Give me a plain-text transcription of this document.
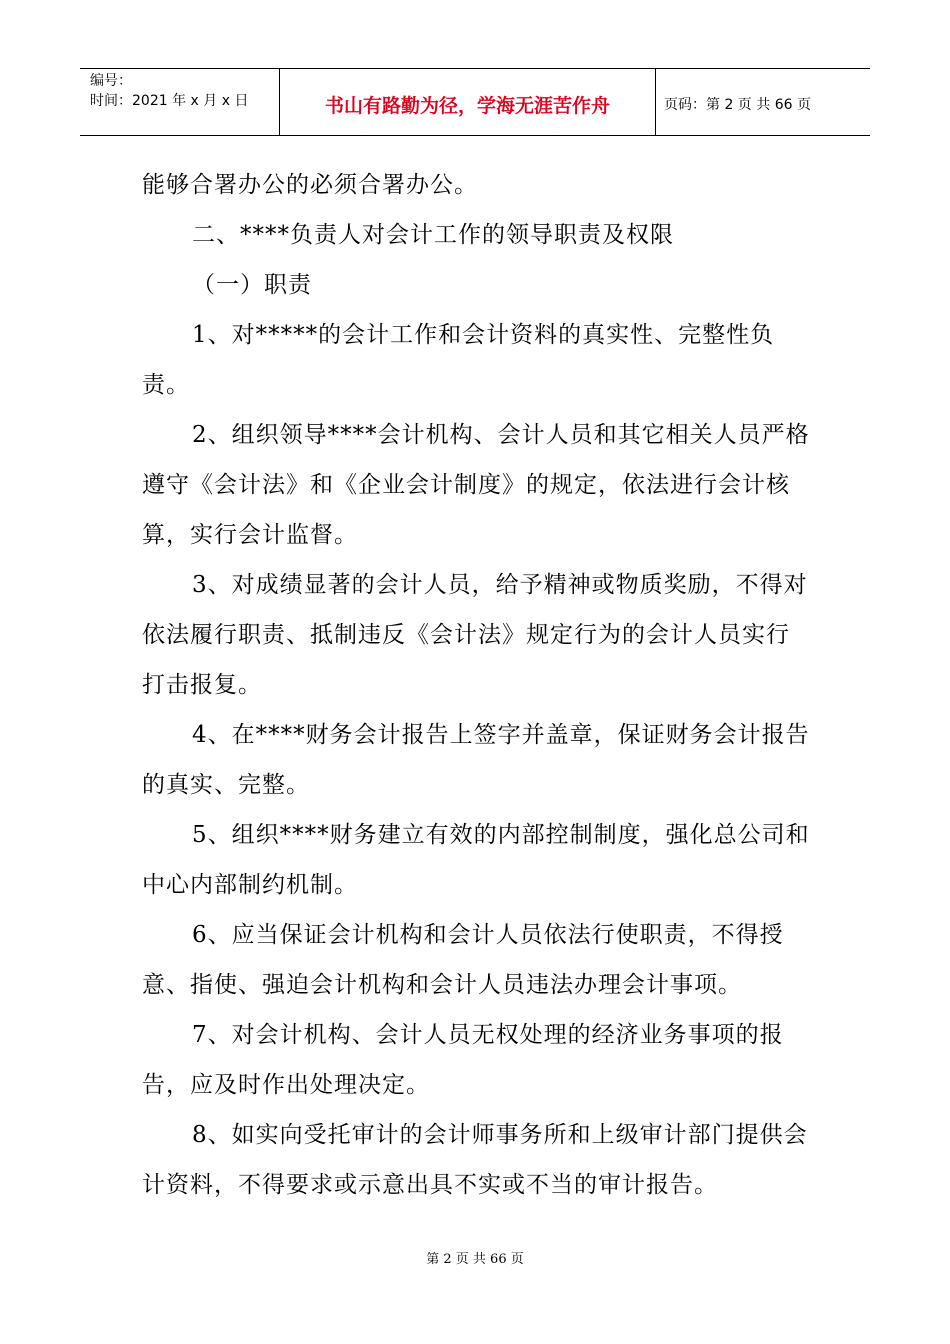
编号：
时间：2021 年 x 月 x 日	书山有路勤为径，学海无涯苦作舟	页码：第 2 页 共 66 页

能够合署办公的必须合署办公。

二、****负责人对会计工作的领导职责及权限

（一）职责

1、对*****的会计工作和会计资料的真实性、完整性负责。

2、组织领导****会计机构、会计人员和其它相关人员严格遵守《会计法》和《企业会计制度》的规定，依法进行会计核算，实行会计监督。

3、对成绩显著的会计人员，给予精神或物质奖励，不得对依法履行职责、抵制违反《会计法》规定行为的会计人员实行打击报复。

4、在****财务会计报告上签字并盖章，保证财务会计报告的真实、完整。

5、组织****财务建立有效的内部控制制度，强化总公司和中心内部制约机制。

6、应当保证会计机构和会计人员依法行使职责，不得授意、指使、强迫会计机构和会计人员违法办理会计事项。

7、对会计机构、会计人员无权处理的经济业务事项的报告，应及时作出处理决定。

8、如实向受托审计的会计师事务所和上级审计部门提供会计资料，不得要求或示意出具不实或不当的审计报告。

第 2 页 共 66 页
